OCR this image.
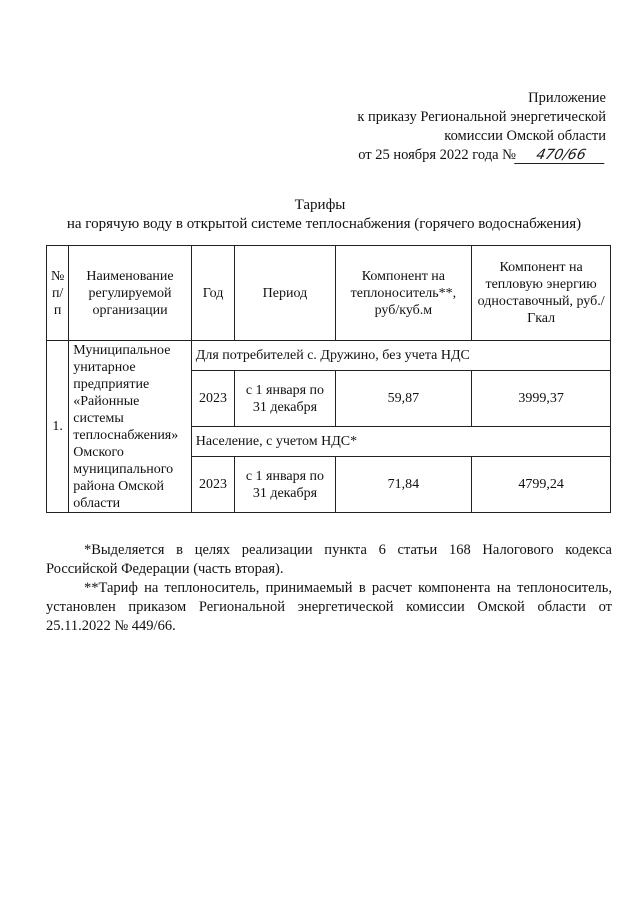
Приложение
к приказу Региональной энергетической
комиссии Омской области
от 25 ноября 2022 года № 470/66
Тарифы
на горячую воду в открытой системе теплоснабжения (горячего водоснабжения)
№ п/п	Наименование регулируемой организации	Год	Период	Компонент на теплоноситель**, руб/куб.м	Компонент на тепловую энергию одноставочный, руб./Гкал
1.	Муниципальное унитарное предприятие «Районные системы теплоснабжения» Омского муниципального района Омской области	Для потребителей с. Дружино, без учета НДС			
		2023	с 1 января по 31 декабря	59,87	3999,37
		Население, с учетом НДС*			
		2023	с 1 января по 31 декабря	71,84	4799,24

*Выделяется в целях реализации пункта 6 статьи 168 Налогового кодекса Российской Федерации (часть вторая).

**Тариф на теплоноситель, принимаемый в расчет компонента на теплоноситель, установлен приказом Региональной энергетической комиссии Омской области от 25.11.2022 № 449/66.
